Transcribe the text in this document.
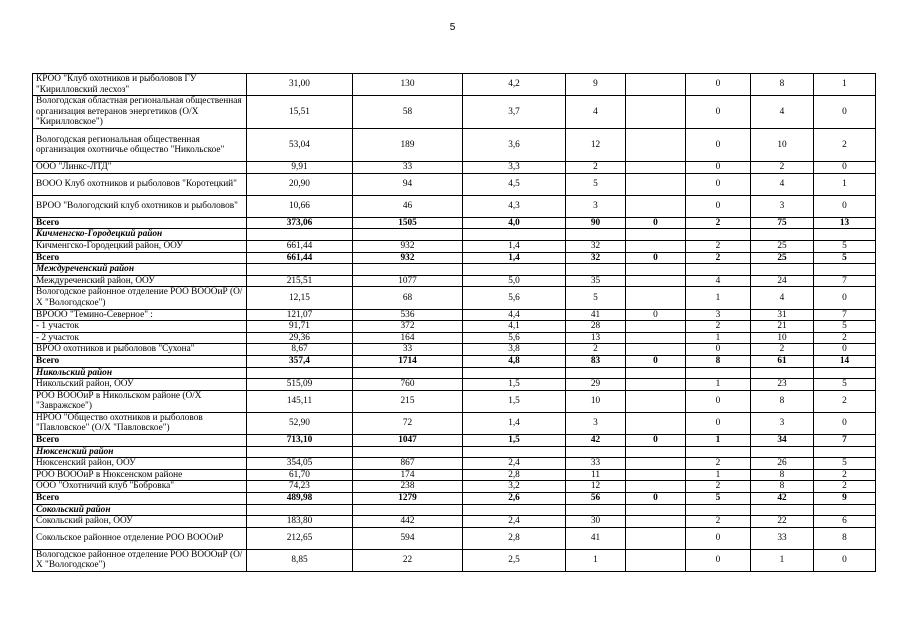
5
КРОО "Клуб охотников и рыболовов ГУ "Кирилловский лесхоз"	31,00	130	4,2	9		0	8	1
Вологодская областная региональная общественная организация ветеранов энергетиков (О/Х "Кирилловское")	15,51	58	3,7	4		0	4	0
Вологодская региональная общественная организация охотничье общество "Никольское"	53,04	189	3,6	12		0	10	2
ООО "Линкс-ЛТД"	9,91	33	3,3	2		0	2	0
ВООО Клуб охотников и рыболовов "Коротецкий"	20,90	94	4,5	5		0	4	1
ВРОО "Вологодский клуб охотников и рыболовов"	10,66	46	4,3	3		0	3	0
Всего	373,06	1505	4,0	90	0	2	75	13
Кичменгско-Городецкий район								
Кичменгско-Городецкий район, ООУ	661,44	932	1,4	32		2	25	5
Всего	661,44	932	1,4	32	0	2	25	5
Междуреченский район								
Междуреченский район, ООУ	215,51	1077	5,0	35		4	24	7
Вологодское районное отделение РОО ВОООиР (О/Х "Вологодское")	12,15	68	5,6	5		1	4	0
ВРООО "Темино-Северное" :	121,07	536	4,4	41	0	3	31	7
- 1 участок	91,71	372	4,1	28		2	21	5
- 2 участок	29,36	164	5,6	13		1	10	2
ВРОО охотников и рыболовов "Сухона"	8,67	33	3,8	2		0	2	0
Всего	357,4	1714	4,8	83	0	8	61	14
Никольский район								
Никольский район, ООУ	515,09	760	1,5	29		1	23	5
РОО ВОООиР в Никольском районе (О/Х "Завражское")	145,11	215	1,5	10		0	8	2
НРОО "Общество охотников и рыболовов "Павловское" (О/Х "Павловское")	52,90	72	1,4	3		0	3	0
Всего	713,10	1047	1,5	42	0	1	34	7
Нюксенский район								
Нюксенский район, ООУ	354,05	867	2,4	33		2	26	5
РОО ВОООиР в Нюксенском районе	61,70	174	2,8	11		1	8	2
ООО "Охотничий клуб "Бобровка"	74,23	238	3,2	12		2	8	2
Всего	489,98	1279	2,6	56	0	5	42	9
Сокольский район								
Сокольский район, ООУ	183,80	442	2,4	30		2	22	6
Сокольское районное отделение РОО ВОООиР	212,65	594	2,8	41		0	33	8
Вологодское районное отделение РОО ВОООиР (О/Х "Вологодское")	8,85	22	2,5	1		0	1	0
